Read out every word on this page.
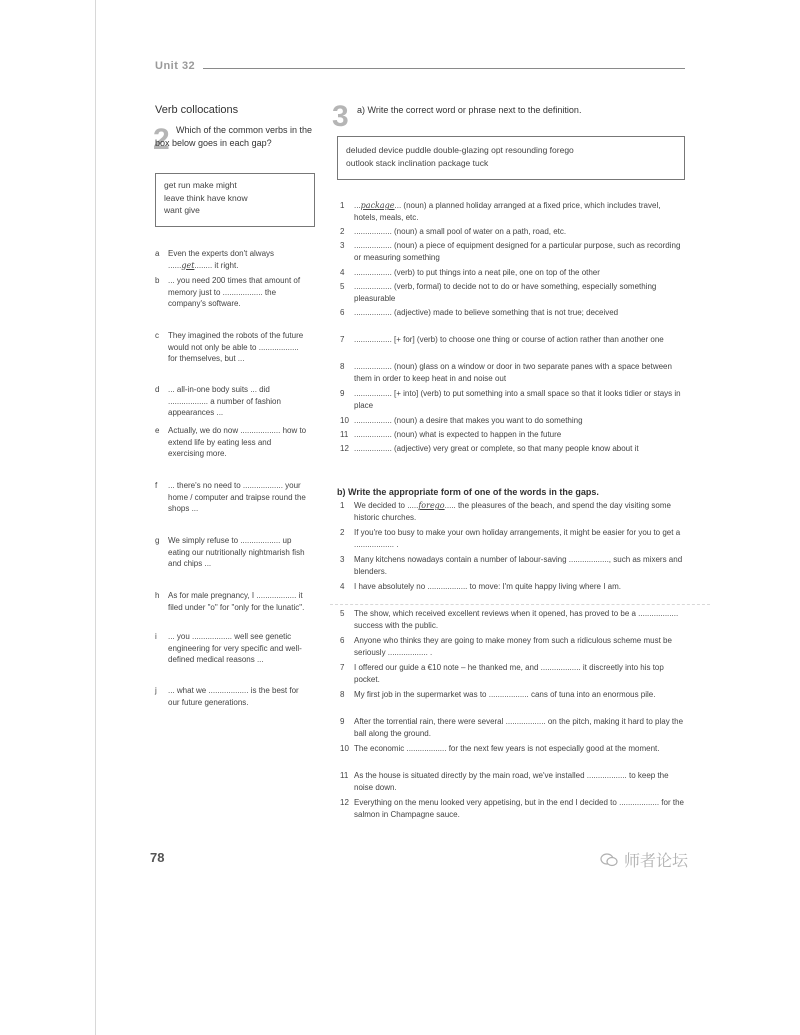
Unit 32
Verb collocations
2 Which of the common verbs in the box below goes in each gap?
get run make might
leave think have know
want give
a	Even the experts don't always ......get........ it right.
b	... you need 200 times that amount of memory just to .................. the company's software.
c	They imagined the robots of the future would not only be able to .................. for themselves, but ...
d	... all-in-one body suits ... did .................. a number of fashion appearances ...
e	Actually, we do now .................. how to extend life by eating less and exercising more.
f	... there's no need to .................. your home / computer and traipse round the shops ...
g	We simply refuse to .................. up eating our nutritionally nightmarish fish and chips ...
h	As for male pregnancy, I .................. it filed under "o" for "only for the lunatic".
i	... you .................. well see genetic engineering for very specific and well-defined medical reasons ...
j	... what we .................. is the best for our future generations.
3 a) Write the correct word or phrase next to the definition.
deluded device puddle double-glazing opt resounding forego
outlook stack inclination package tuck
1	...package... (noun) a planned holiday arranged at a fixed price, which includes travel, hotels, meals, etc.
2	................. (noun) a small pool of water on a path, road, etc.
3	................. (noun) a piece of equipment designed for a particular purpose, such as recording or measuring something
4	................. (verb) to put things into a neat pile, one on top of the other
5	................. (verb, formal) to decide not to do or have something, especially something pleasurable
6	................. (adjective) made to believe something that is not true; deceived
7	................. [+ for] (verb) to choose one thing or course of action rather than another one
8	................. (noun) glass on a window or door in two separate panes with a space between them in order to keep heat in and noise out
9	................. [+ into] (verb) to put something into a small space so that it looks tidier or stays in place
10 ................. (noun) a desire that makes you want to do something
11 ................. (noun) what is expected to happen in the future
12 ................. (adjective) very great or complete, so that many people know about it
b) Write the appropriate form of one of the words in the gaps.
1	We decided to .....forego..... the pleasures of the beach, and spend the day visiting some historic churches.
2	If you're too busy to make your own holiday arrangements, it might be easier for you to get a .................. .
3	Many kitchens nowadays contain a number of labour-saving .................., such as mixers and blenders.
4	I have absolutely no .................. to move: I'm quite happy living where I am.
5	The show, which received excellent reviews when it opened, has proved to be a .................. success with the public.
6	Anyone who thinks they are going to make money from such a ridiculous scheme must be seriously .................. .
7	I offered our guide a €10 note – he thanked me, and .................. it discreetly into his top pocket.
8	My first job in the supermarket was to .................. cans of tuna into an enormous pile.
9	After the torrential rain, there were several .................. on the pitch, making it hard to play the ball along the ground.
10 The economic .................. for the next few years is not especially good at the moment.
11 As the house is situated directly by the main road, we've installed .................. to keep the noise down.
12 Everything on the menu looked very appetising, but in the end I decided to .................. for the salmon in Champagne sauce.
78	师者论坛
